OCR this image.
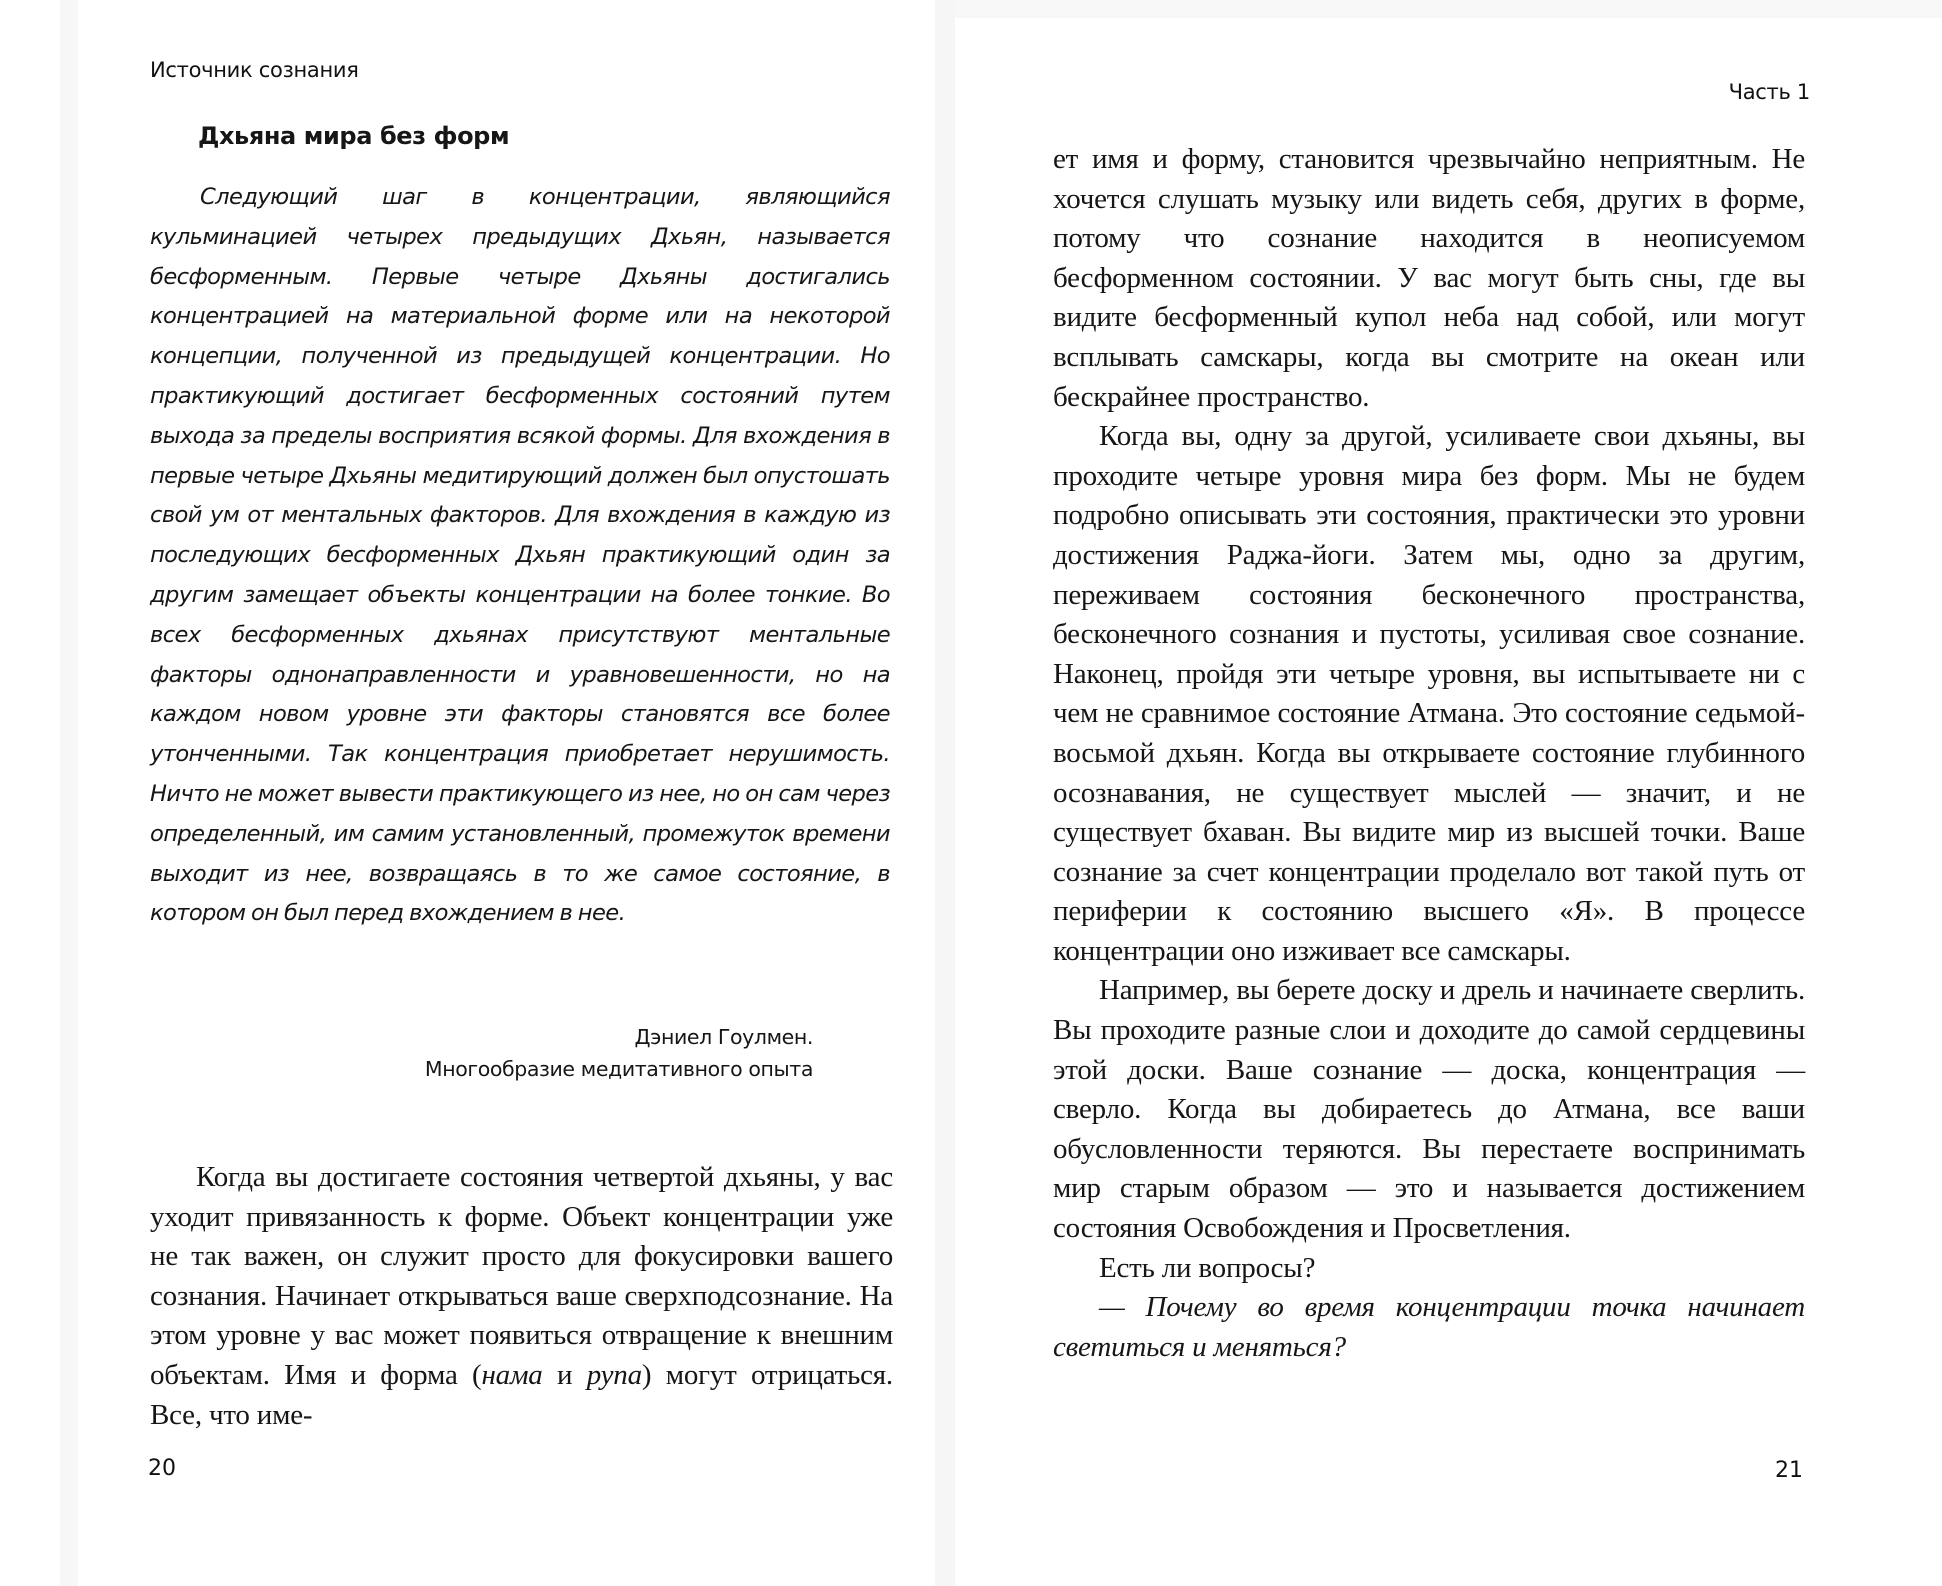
Источник сознания
Дхьяна мира без форм

Следующий шаг в концентрации, являющийся кульминацией четырех предыдущих Дхьян, называется бесформенным. Первые четыре Дхьяны достигались концентрацией на материальной форме или на некоторой концепции, полученной из предыдущей концентрации. Но практикующий достигает бесформенных состояний путем выхода за пределы восприятия всякой формы. Для вхождения в первые четыре Дхьяны медитирующий должен был опустошать свой ум от ментальных факторов. Для вхождения в каждую из последующих бесформенных Дхьян практикующий один за другим замещает объекты концентрации на более тонкие. Во всех бесформенных дхьянах присутствуют ментальные факторы однонаправленности и уравновешенности, но на каждом новом уровне эти факторы становятся все более утонченными. Так концентрация приобретает нерушимость. Ничто не может вывести практикующего из нее, но он сам через определенный, им самим установленный, промежуток времени выходит из нее, возвращаясь в то же самое состояние, в котором он был перед вхождением в нее.

Дэниел Гоулмен.
Многообразие медитативного опыта

Когда вы достигаете состояния четвертой дхьяны, у вас уходит привязанность к форме. Объект концентрации уже не так важен, он служит просто для фокусировки вашего сознания. Начинает открываться ваше сверхподсознание. На этом уровне у вас может появиться отвращение к внешним объектам. Имя и форма (нама и рупа) могут отрицаться. Все, что име-

20
Часть 1

ет имя и форму, становится чрезвычайно неприятным. Не хочется слушать музыку или видеть себя, других в форме, потому что сознание находится в неописуемом бесформенном состоянии. У вас могут быть сны, где вы видите бесформенный купол неба над собой, или могут всплывать самскары, когда вы смотрите на океан или бескрайнее пространство.

Когда вы, одну за другой, усиливаете свои дхьяны, вы проходите четыре уровня мира без форм. Мы не будем подробно описывать эти состояния, практически это уровни достижения Раджа-йоги. Затем мы, одно за другим, переживаем состояния бесконечного пространства, бесконечного сознания и пустоты, усиливая свое сознание. Наконец, пройдя эти четыре уровня, вы испытываете ни с чем не сравнимое состояние Атмана. Это состояние седьмой-восьмой дхьян. Когда вы открываете состояние глубинного осознавания, не существует мыслей — значит, и не существует бхаван. Вы видите мир из высшей точки. Ваше сознание за счет концентрации проделало вот такой путь от периферии к состоянию высшего «Я». В процессе концентрации оно изживает все самскары.

Например, вы берете доску и дрель и начинаете сверлить. Вы проходите разные слои и доходите до самой сердцевины этой доски. Ваше сознание — доска, концентрация — сверло. Когда вы добираетесь до Атмана, все ваши обусловленности теряются. Вы перестаете воспринимать мир старым образом — это и называется достижением состояния Освобождения и Просветления.

Есть ли вопросы?

— Почему во время концентрации точка начинает светиться и меняться?

21
